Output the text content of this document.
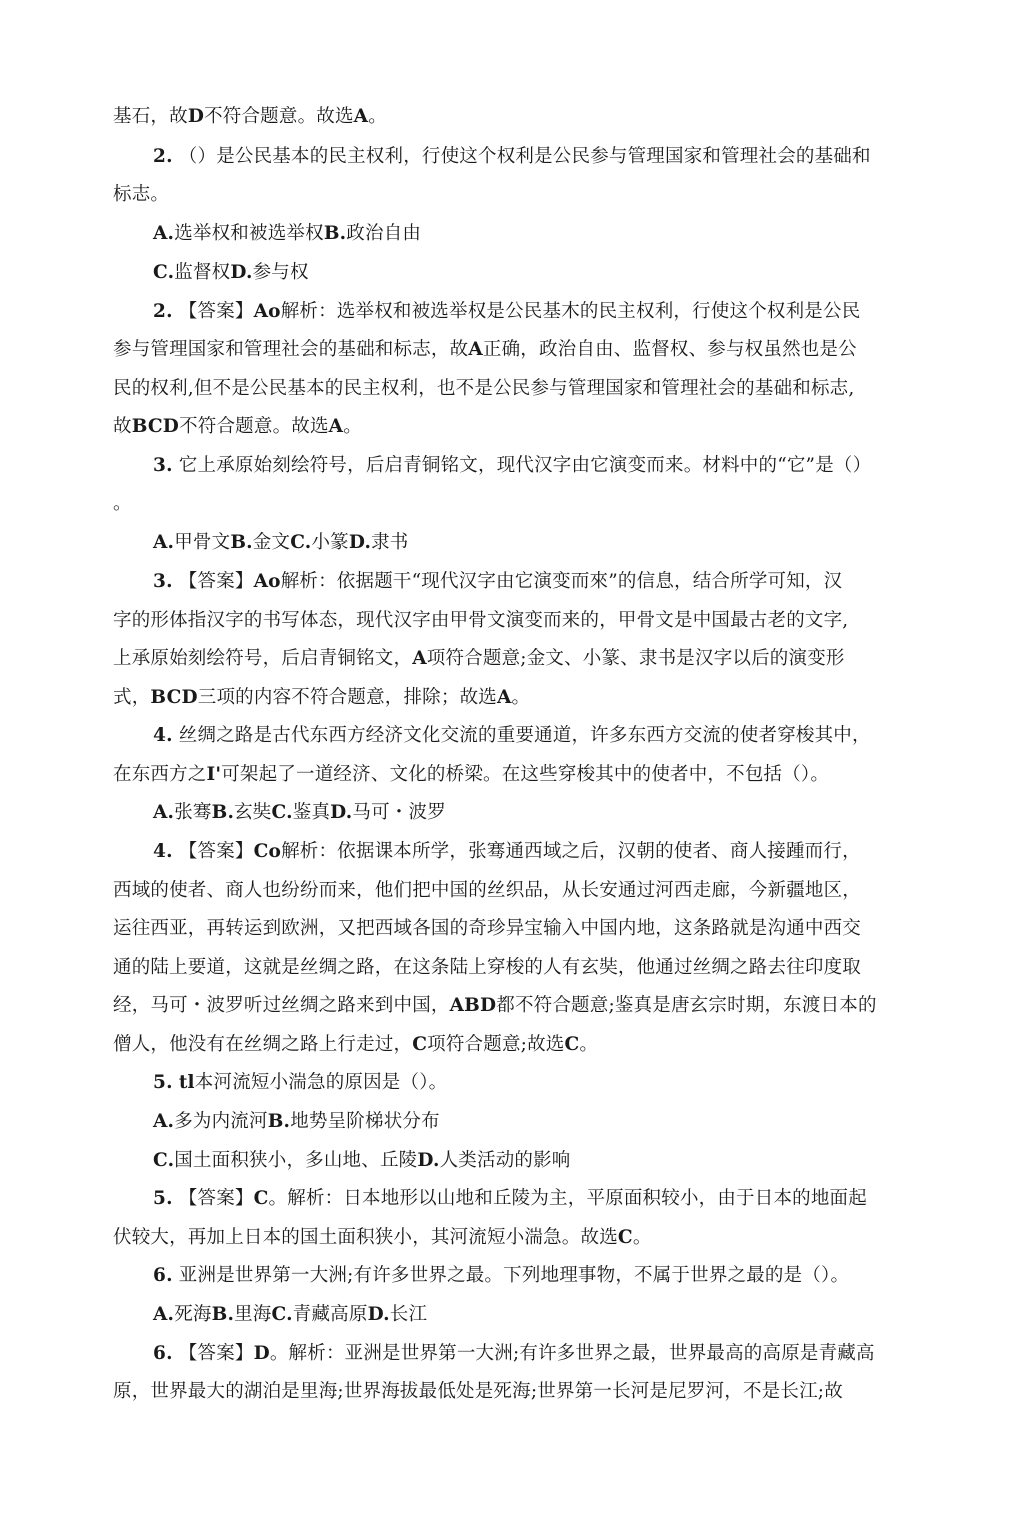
基石，故D不符合题意。故选A。
2. （）是公民基本的民主权利，行使这个权利是公民参与管理国家和管理社会的基础和
标志。
A.选举权和被选举权B.政治自由
C.监督权D.参与权
2. 【答案】Ao解析：选举权和被选举权是公民基木的民主权利，行使这个权利是公民
参与管理国家和管理社会的基础和标志，故A正确，政治自由、监督权、参与权虽然也是公
民的权利,但不是公民基本的民主权利，也不是公民参与管理国家和管理社会的基础和标志,
故BCD不符合题意。故选A。
3. 它上承原始刻绘符号，后启青铜铭文，现代汉字由它演变而来。材料中的“它”是（）
。
A.甲骨文B.金文C.小篆D.隶书
3. 【答案】Ao解析：依据题干“现代汉字由它演变而來”的信息，结合所学可知，汉
字的形体指汉字的书写体态，现代汉字由甲骨文演变而来的，甲骨文是中国最古老的文字,
上承原始刻绘符号，后启青铜铭文，A项符合题意;金文、小篆、隶书是汉字以后的演变形
式，BCD三项的内容不符合题意，排除；故选A。
4. 丝绸之路是古代东西方经济文化交流的重要通道，许多东西方交流的使者穿梭其中，
在东西方之I'可架起了一道经济、文化的桥梁。在这些穿梭其中的使者中，不包括（）。
A.张骞B.玄奘C.鉴真D.马可・波罗
4. 【答案】Co解析：依据课本所学，张骞通西域之后，汉朝的使者、商人接踵而行，
西域的使者、商人也纷纷而来，他们把中国的丝织品，从长安通过河西走廊，今新疆地区，
运往西亚，再转运到欧洲，又把西域各国的奇珍异宝输入中国内地，这条路就是沟通中西交
通的陆上要道，这就是丝绸之路，在这条陆上穿梭的人有玄奘，他通过丝绸之路去往印度取
经，马可・波罗听过丝绸之路来到中国，ABD都不符合题意;鉴真是唐玄宗时期，东渡日本的
僧人，他没有在丝绸之路上行走过，C项符合题意;故选C。
5. tl本河流短小湍急的原因是（）。
A.多为内流河B.地势呈阶梯状分布
C.国土面积狭小，多山地、丘陵D.人类活动的影响
5. 【答案】C。解析：日本地形以山地和丘陵为主，平原面积较小，由于日本的地面起
伏较大，再加上日本的国土面积狭小，其河流短小湍急。故选C。
6. 亚洲是世界第一大洲;有许多世界之最。下列地理事物，不属于世界之最的是（）。
A.死海B.里海C.青藏高原D.长江
6. 【答案】D。解析：亚洲是世界第一大洲;有许多世界之最，世界最高的高原是青藏高
原，世界最大的湖泊是里海;世界海拔最低处是死海;世界第一长河是尼罗河，不是长江;故
